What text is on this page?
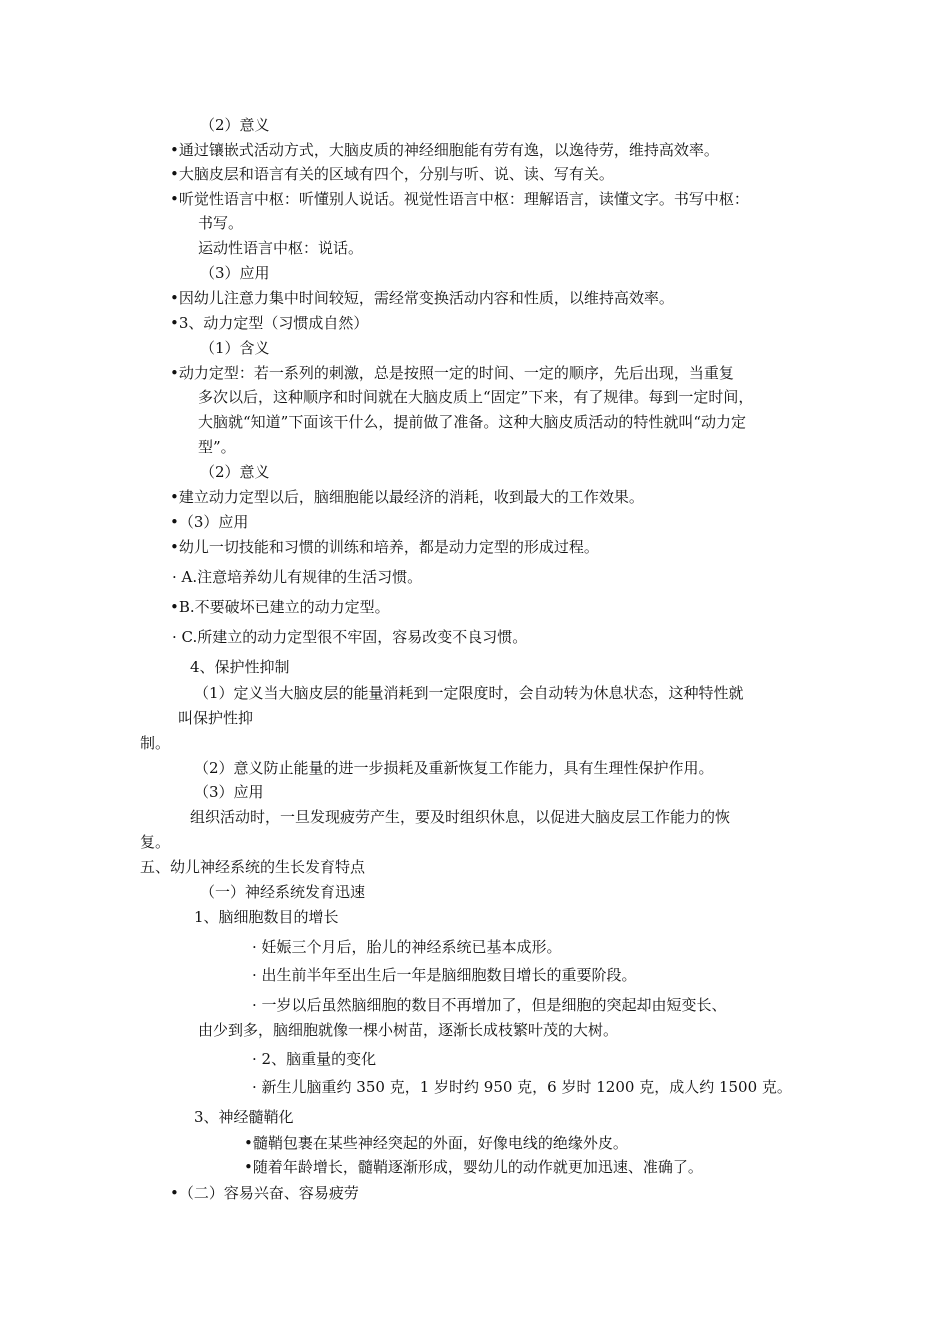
（2）意义
•通过镶嵌式活动方式，大脑皮质的神经细胞能有劳有逸，以逸待劳，维持高效率。
•大脑皮层和语言有关的区域有四个，分别与听、说、读、写有关。
•听觉性语言中枢：听懂别人说话。视觉性语言中枢：理解语言，读懂文字。书写中枢：
书写。
运动性语言中枢：说话。
（3）应用
•因幼儿注意力集中时间较短，需经常变换活动内容和性质，以维持高效率。
•3、动力定型（习惯成自然）
（1）含义
•动力定型：若一系列的刺激，总是按照一定的时间、一定的顺序，先后出现，当重复
多次以后，这种顺序和时间就在大脑皮质上“固定”下来，有了规律。每到一定时间，
大脑就“知道”下面该干什么，提前做了准备。这种大脑皮质活动的特性就叫“动力定
型”。
（2）意义
•建立动力定型以后，脑细胞能以最经济的消耗，收到最大的工作效果。
•（3）应用
•幼儿一切技能和习惯的训练和培养，都是动力定型的形成过程。
· A.注意培养幼儿有规律的生活习惯。
•B.不要破坏已建立的动力定型。
· C.所建立的动力定型很不牢固，容易改变不良习惯。
4、保护性抑制
（1）定义当大脑皮层的能量消耗到一定限度时，会自动转为休息状态，这种特性就
叫保护性抑
制。
（2）意义防止能量的进一步损耗及重新恢复工作能力，具有生理性保护作用。
（3）应用
组织活动时，一旦发现疲劳产生，要及时组织休息，以促进大脑皮层工作能力的恢
复。
五、幼儿神经系统的生长发育特点
（一）神经系统发育迅速
1、脑细胞数目的增长
· 妊娠三个月后，胎儿的神经系统已基本成形。
· 出生前半年至出生后一年是脑细胞数目增长的重要阶段。
· 一岁以后虽然脑细胞的数目不再增加了，但是细胞的突起却由短变长、
由少到多，脑细胞就像一棵小树苗，逐渐长成枝繁叶茂的大树。
· 2、脑重量的变化
· 新生儿脑重约 350 克，1 岁时约 950 克，6 岁时 1200 克，成人约 1500 克。
3、神经髓鞘化
•髓鞘包裹在某些神经突起的外面，好像电线的绝缘外皮。
•随着年龄增长，髓鞘逐渐形成，婴幼儿的动作就更加迅速、准确了。
•（二）容易兴奋、容易疲劳
